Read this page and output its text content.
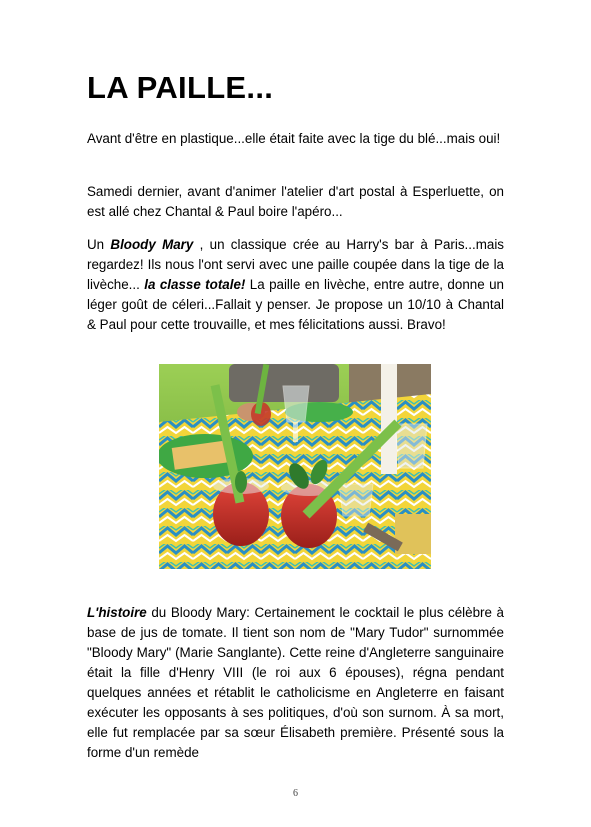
LA PAILLE...

Avant d'être en plastique...elle était faite avec la tige du blé...mais oui!

Samedi dernier, avant d'animer l'atelier d'art postal à Esperluette, on est allé chez Chantal & Paul boire l'apéro...

Un Bloody Mary , un classique crée au Harry's bar à Paris...mais regardez! Ils nous l'ont servi avec une paille coupée dans la tige de la livèche... la classe totale! La paille en livèche, entre autre, donne un léger goût de céleri...Fallait y penser. Je propose un 10/10 à Chantal & Paul pour cette trouvaille, et mes félicitations aussi. Bravo!

L'histoire du Bloody Mary: Certainement le cocktail le plus célèbre à base de jus de tomate. Il tient son nom de "Mary Tudor" surnommée "Bloody Mary" (Marie Sanglante). Cette reine d'Angleterre sanguinaire était la fille d'Henry VIII (le roi aux 6 épouses), régna pendant quelques années et rétablit le catholicisme en Angleterre en faisant exécuter les opposants à ses politiques, d'où son surnom. À sa mort, elle fut remplacée par sa sœur Élisabeth première. Présenté sous la forme d'un remède

6
